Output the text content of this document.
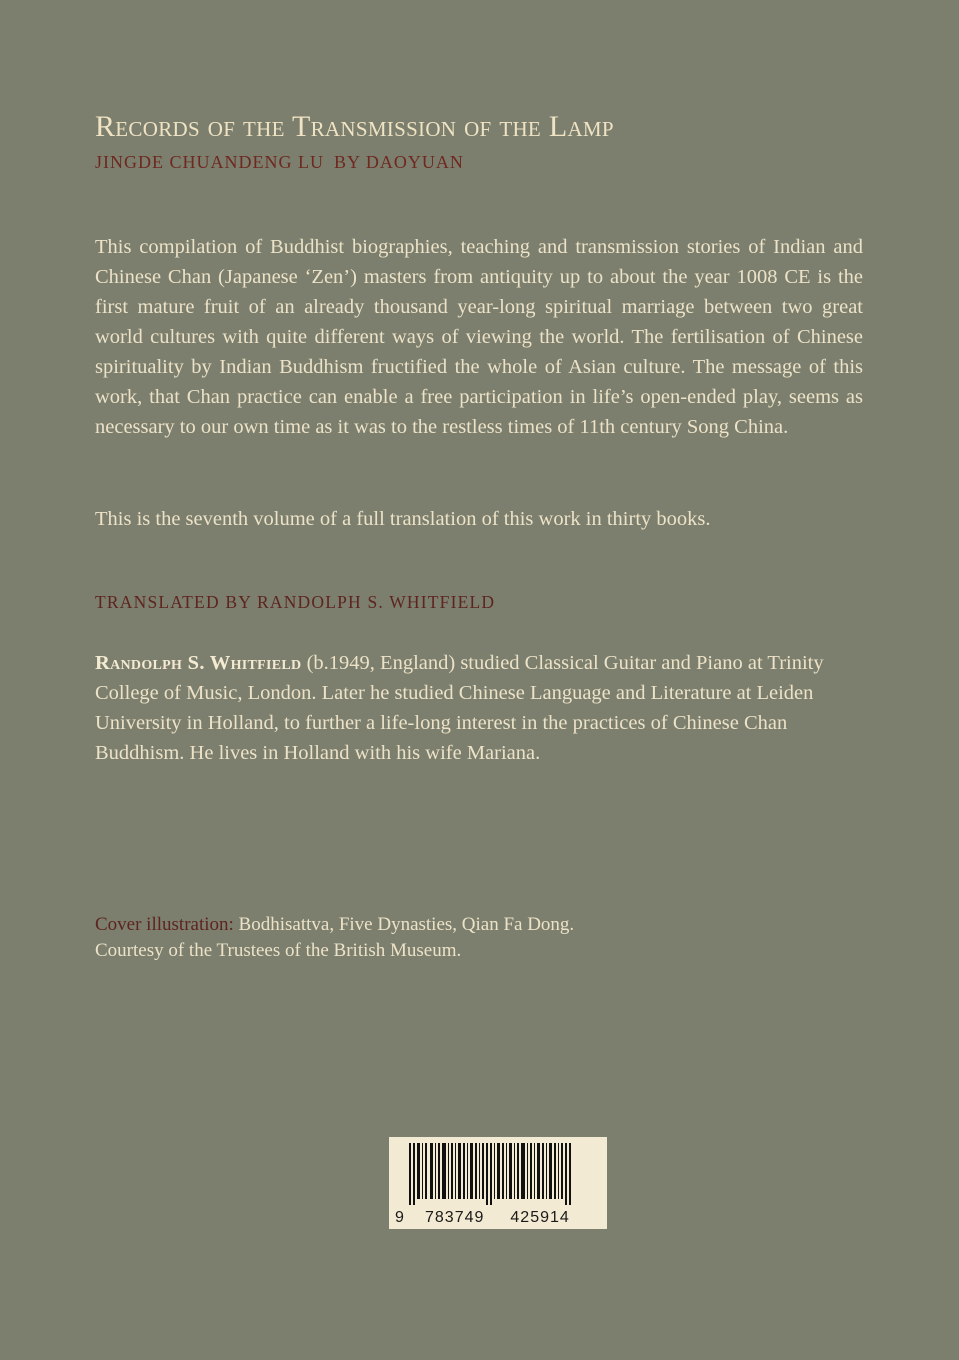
Records of the Transmission of the Lamp
JINGDE CHUANDENG LU BY DAOYUAN

This compilation of Buddhist biographies, teaching and transmission stories of Indian and Chinese Chan (Japanese ‘Zen’) masters from antiquity up to about the year 1008 CE is the first mature fruit of an already thousand year-long spiritual marriage between two great world cultures with quite different ways of viewing the world. The fertilisation of Chinese spirituality by Indian Buddhism fructified the whole of Asian culture. The message of this work, that Chan practice can enable a free participation in life’s open-ended play, seems as necessary to our own time as it was to the restless times of 11th century Song China.

This is the seventh volume of a full translation of this work in thirty books.

TRANSLATED BY RANDOLPH S. WHITFIELD

Randolph S. Whitfield (b.1949, England) studied Classical Guitar and Piano at Trinity College of Music, London. Later he studied Chinese Language and Literature at Leiden University in Holland, to further a life-long interest in the practices of Chinese Chan Buddhism. He lives in Holland with his wife Mariana.

Cover illustration: Bodhisattva, Five Dynasties, Qian Fa Dong.
Courtesy of the Trustees of the British Museum.

9 783749 425914
